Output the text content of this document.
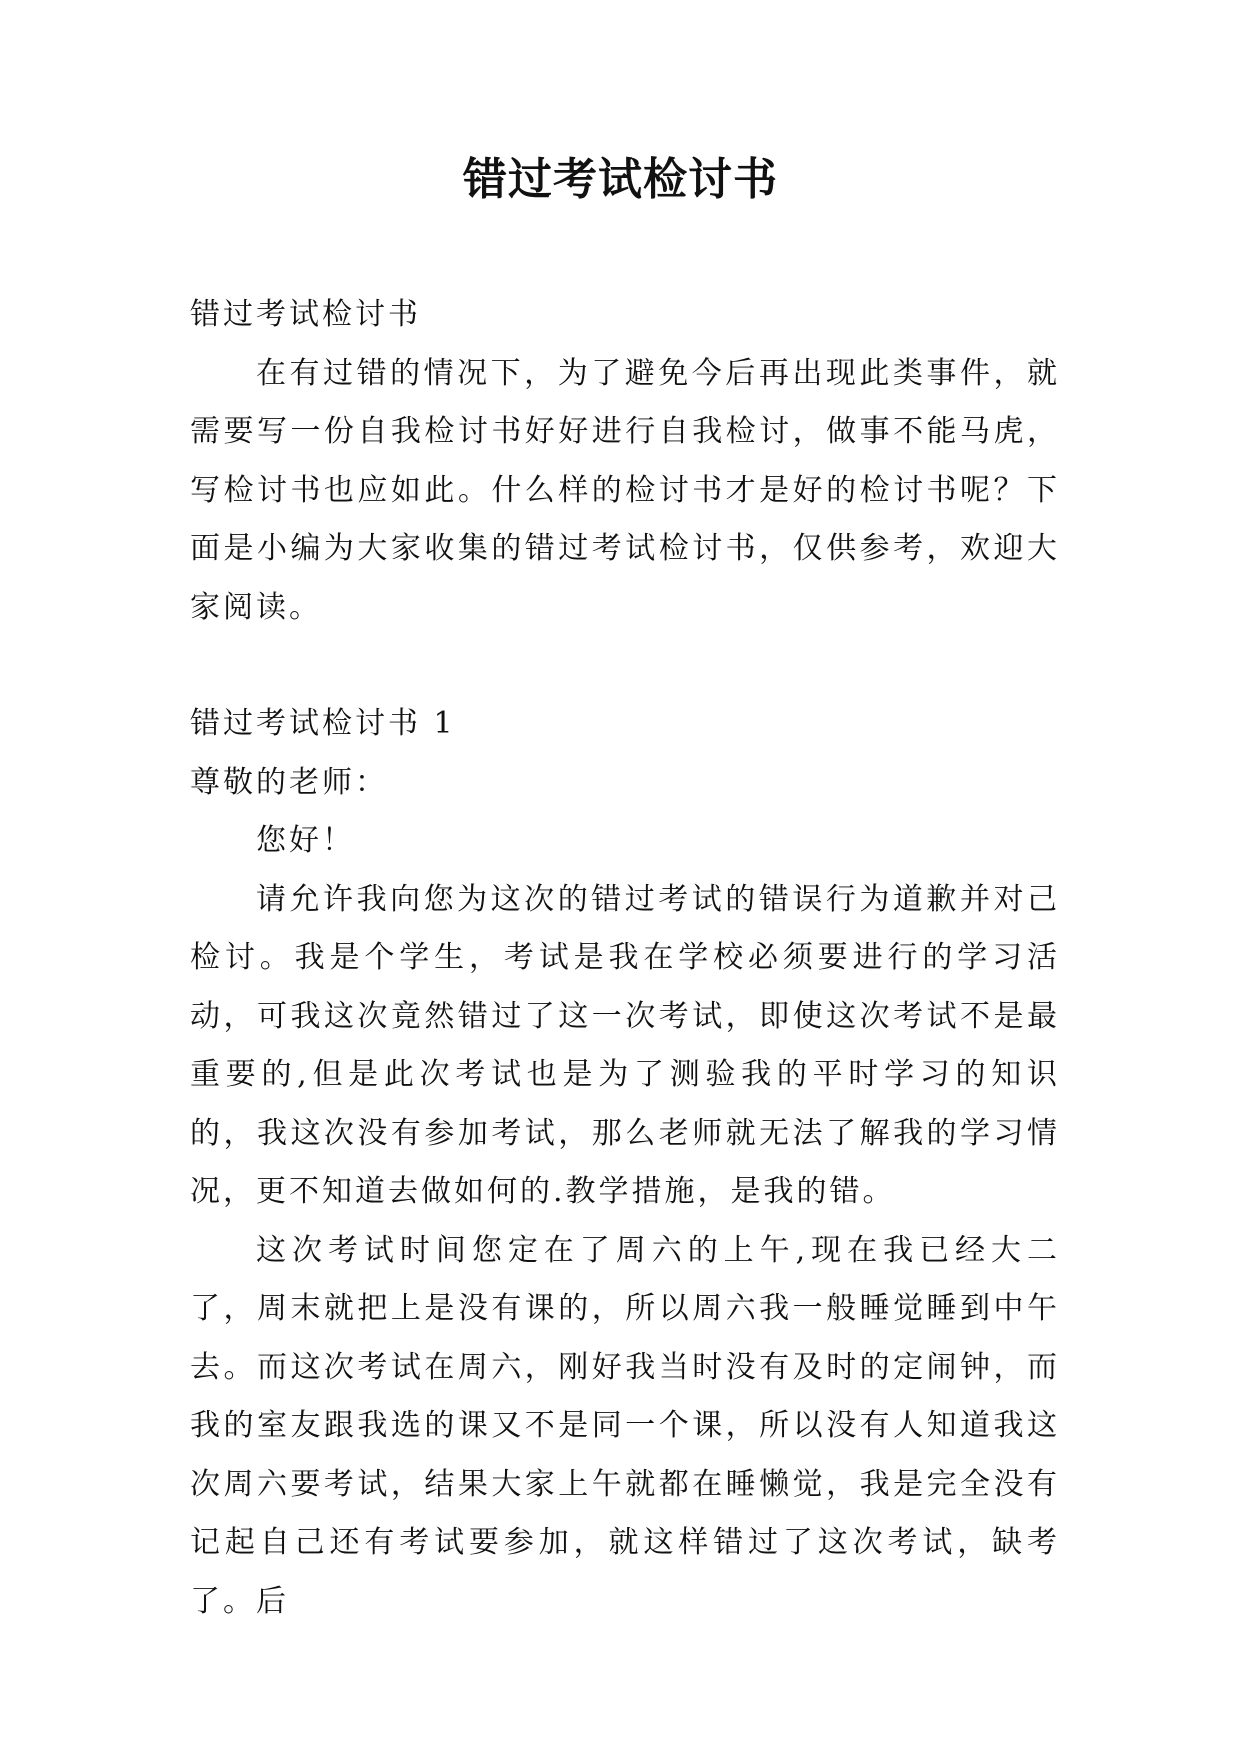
错过考试检讨书

错过考试检讨书

在有过错的情况下，为了避免今后再出现此类事件，就需要写一份自我检讨书好好进行自我检讨，做事不能马虎，写检讨书也应如此。什么样的检讨书才是好的检讨书呢？下面是小编为大家收集的错过考试检讨书，仅供参考，欢迎大家阅读。

错过考试检讨书 1

尊敬的老师：

您好！

请允许我向您为这次的错过考试的错误行为道歉并对己检讨。我是个学生，考试是我在学校必须要进行的学习活动，可我这次竟然错过了这一次考试，即使这次考试不是最重要的,但是此次考试也是为了测验我的平时学习的知识的，我这次没有参加考试，那么老师就无法了解我的学习情况，更不知道去做如何的.教学措施，是我的错。

这次考试时间您定在了周六的上午,现在我已经大二了，周末就把上是没有课的，所以周六我一般睡觉睡到中午去。而这次考试在周六，刚好我当时没有及时的定闹钟，而我的室友跟我选的课又不是同一个课，所以没有人知道我这次周六要考试，结果大家上午就都在睡懒觉，我是完全没有记起自己还有考试要参加，就这样错过了这次考试，缺考了。后
